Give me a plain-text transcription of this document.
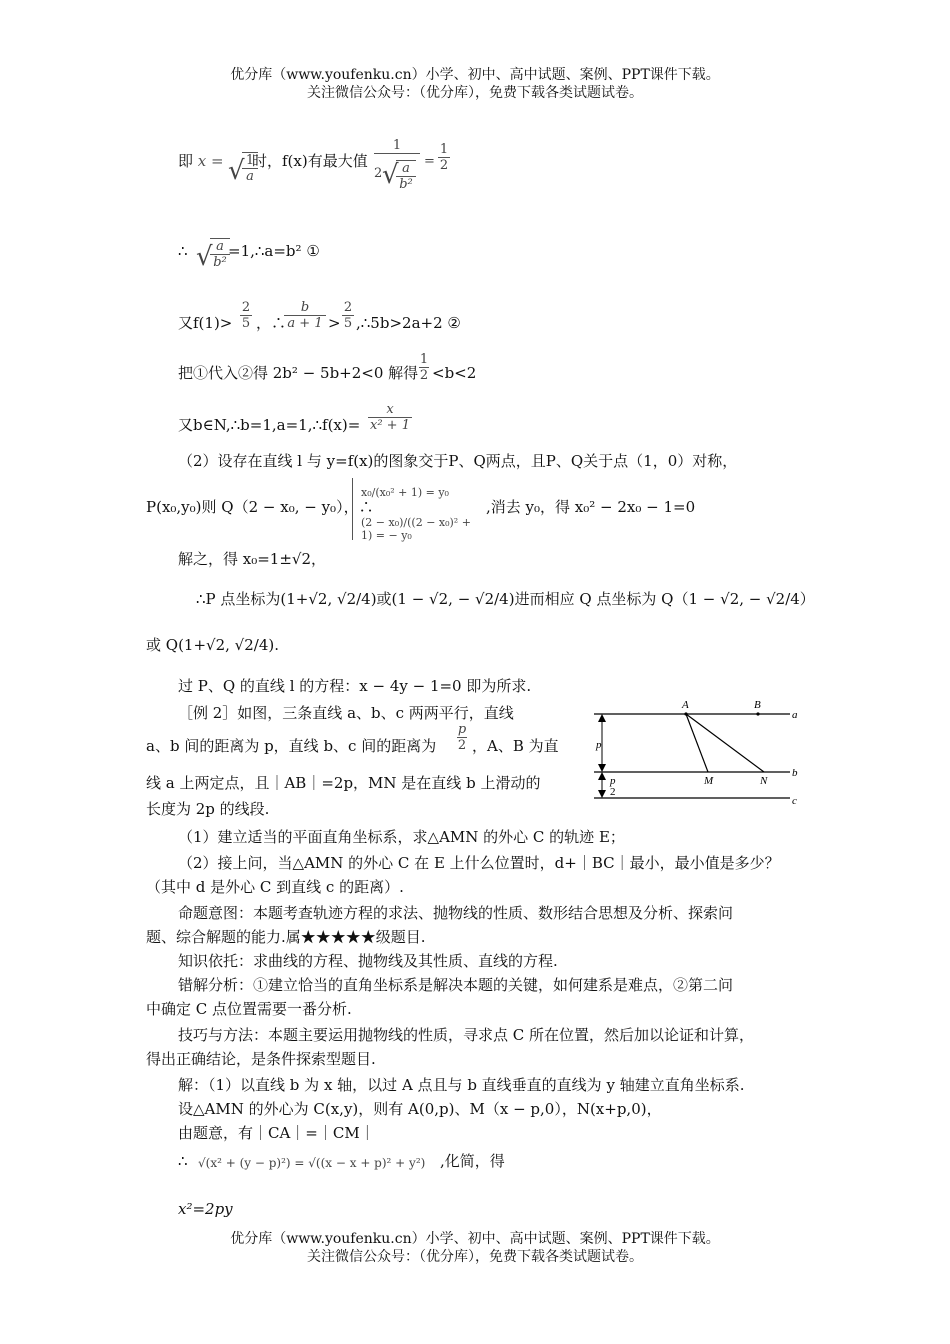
优分库（www.youfenku.cn）小学、初中、高中试题、案例、PPT课件下载。
关注微信公众号：（优分库），免费下载各类试题试卷。
即 x = √
$\frac{1}{a}$
时，f(x)有最大值
1
2 √ a
b²
= $\frac{1}{2}$
∴ √
$\frac{a}{\text{b²}}$
=1,∴a=b² ①
又$f(1)> \frac{2}{5}$ ，∴
$\frac{b}{a + 1} > \frac{2}{5}$ ,∴5b>2a+2 ②
把①代入②得 2b² − 5b+2<0 解得 $\frac{1}{2} <b<2$
又b∈N,∴b=1,a=1,∴f(x)= $\frac{x}{\text{x² + 1}}$
（2）设存在直线 l 与 y=f(x)的图象交于P、Q两点，且P、Q关于点（1，0）对称，
P(x₀,y₀)则 Q（2 − x₀, − y₀），∴
x₀/(x₀² + 1) = y₀
(2 − x₀)/((2 − x₀)² + 1) = − y₀
,消去 y₀，得 x₀² − 2x₀ − 1=0
解之，得 x₀=1±√2，
∴P 点坐标为(1+√2, √2/4)或(1 − √2, − √2/4)进而相应 Q 点坐标为 Q（1 − √2, − √2/4）
或 Q(1+√2, √2/4).
过 P、Q 的直线 l 的方程：x − 4y − 1=0 即为所求.
［例 2］如图，三条直线 a、b、c 两两平行，直线
a、b 间的距离为 p，直线 b、c 间的距离为 $\frac{p}{2}$ ，A、B 为直
线 a 上两定点，且｜AB｜=2p，MN 是在直线 b 上滑动的
长度为 2p 的线段.
A	B
a
M	N
b
c
p
p
2
（1）建立适当的平面直角坐标系，求△AMN 的外心 C 的轨迹 E；
（2）接上问，当△AMN 的外心 C 在 E 上什么位置时，d+｜BC｜最小，最小值是多少？
（其中 d 是外心 C 到直线 c 的距离）.
命题意图：本题考查轨迹方程的求法、抛物线的性质、数形结合思想及分析、探索问
题、综合解题的能力.属★★★★★级题目.
知识依托：求曲线的方程、抛物线及其性质、直线的方程.
错解分析：①建立恰当的直角坐标系是解决本题的关键，如何建系是难点，②第二问
中确定 C 点位置需要一番分析.
技巧与方法：本题主要运用抛物线的性质，寻求点 C 所在位置，然后加以论证和计算，
得出正确结论，是条件探索型题目.
解：（1）以直线 b 为 x 轴，以过 A 点且与 b 直线垂直的直线为 y 轴建立直角坐标系.
设△AMN 的外心为 C(x,y)，则有 A(0,p)、M（x − p,0），N(x+p,0)，
由题意，有｜CA｜=｜CM｜
∴ √(x² + (y − p)²) = √((x − x + p)² + y²) ,化简，得
x²=2py
优分库（www.youfenku.cn）小学、初中、高中试题、案例、PPT课件下载。
关注微信公众号：（优分库），免费下载各类试题试卷。
